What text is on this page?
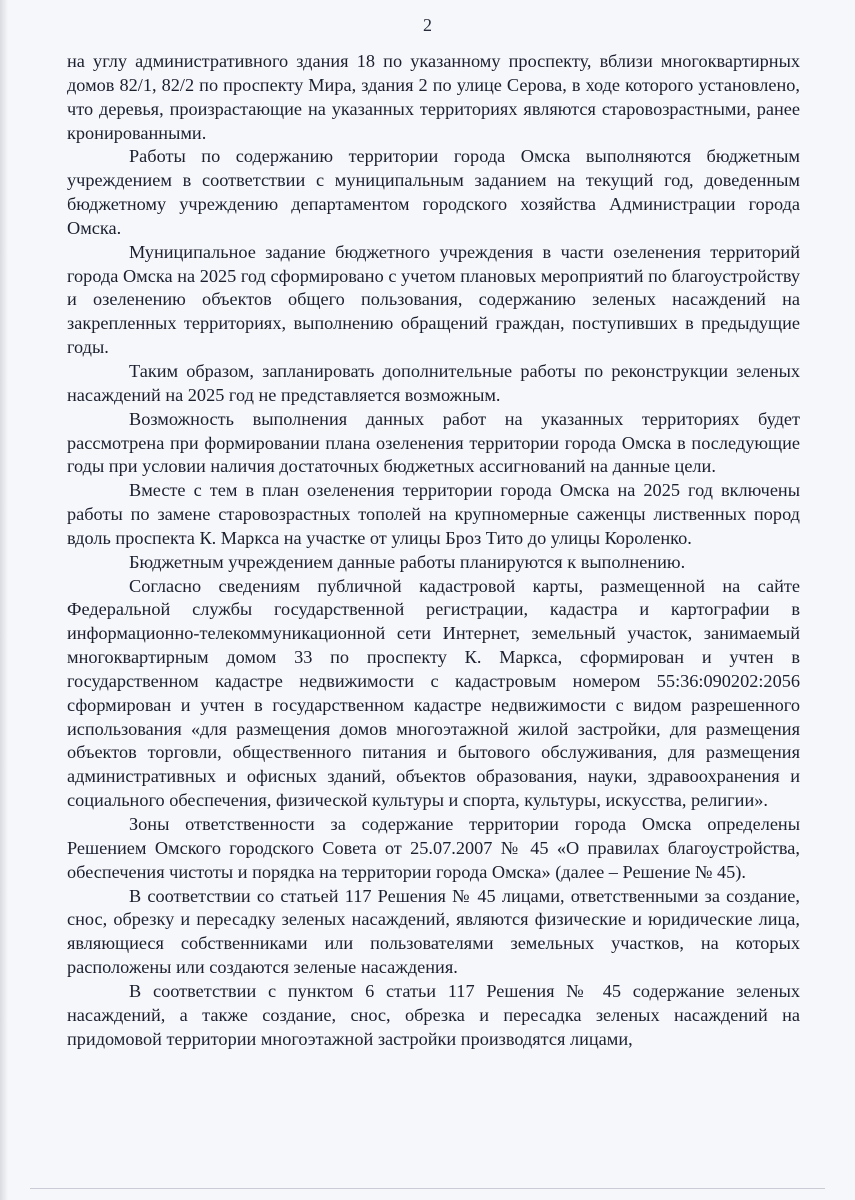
2

на углу административного здания 18 по указанному проспекту, вблизи многоквартирных домов 82/1, 82/2 по проспекту Мира, здания 2 по улице Серова, в ходе которого установлено, что деревья, произрастающие на указанных территориях являются старовозрастными, ранее кронированными.

Работы по содержанию территории города Омска выполняются бюджетным учреждением в соответствии с муниципальным заданием на текущий год, доведенным бюджетному учреждению департаментом городского хозяйства Администрации города Омска.

Муниципальное задание бюджетного учреждения в части озеленения территорий города Омска на 2025 год сформировано с учетом плановых мероприятий по благоустройству и озеленению объектов общего пользования, содержанию зеленых насаждений на закрепленных территориях, выполнению обращений граждан, поступивших в предыдущие годы.

Таким образом, запланировать дополнительные работы по реконструкции зеленых насаждений на 2025 год не представляется возможным.

Возможность выполнения данных работ на указанных территориях будет рассмотрена при формировании плана озеленения территории города Омска в последующие годы при условии наличия достаточных бюджетных ассигнований на данные цели.

Вместе с тем в план озеленения территории города Омска на 2025 год включены работы по замене старовозрастных тополей на крупномерные саженцы лиственных пород вдоль проспекта К. Маркса на участке от улицы Броз Тито до улицы Короленко.

Бюджетным учреждением данные работы планируются к выполнению.

Согласно сведениям публичной кадастровой карты, размещенной на сайте Федеральной службы государственной регистрации, кадастра и картографии в информационно-телекоммуникационной сети Интернет, земельный участок, занимаемый многоквартирным домом 33 по проспекту К. Маркса, сформирован и учтен в государственном кадастре недвижимости с кадастровым номером 55:36:090202:2056 сформирован и учтен в государственном кадастре недвижимости с видом разрешенного использования «для размещения домов многоэтажной жилой застройки, для размещения объектов торговли, общественного питания и бытового обслуживания, для размещения административных и офисных зданий, объектов образования, науки, здравоохранения и социального обеспечения, физической культуры и спорта, культуры, искусства, религии».

Зоны ответственности за содержание территории города Омска определены Решением Омского городского Совета от 25.07.2007 № 45 «О правилах благоустройства, обеспечения чистоты и порядка на территории города Омска» (далее – Решение № 45).

В соответствии со статьей 117 Решения № 45 лицами, ответственными за создание, снос, обрезку и пересадку зеленых насаждений, являются физические и юридические лица, являющиеся собственниками или пользователями земельных участков, на которых расположены или создаются зеленые насаждения.

В соответствии с пунктом 6 статьи 117 Решения № 45 содержание зеленых насаждений, а также создание, снос, обрезка и пересадка зеленых насаждений на придомовой территории многоэтажной застройки производятся лицами,
